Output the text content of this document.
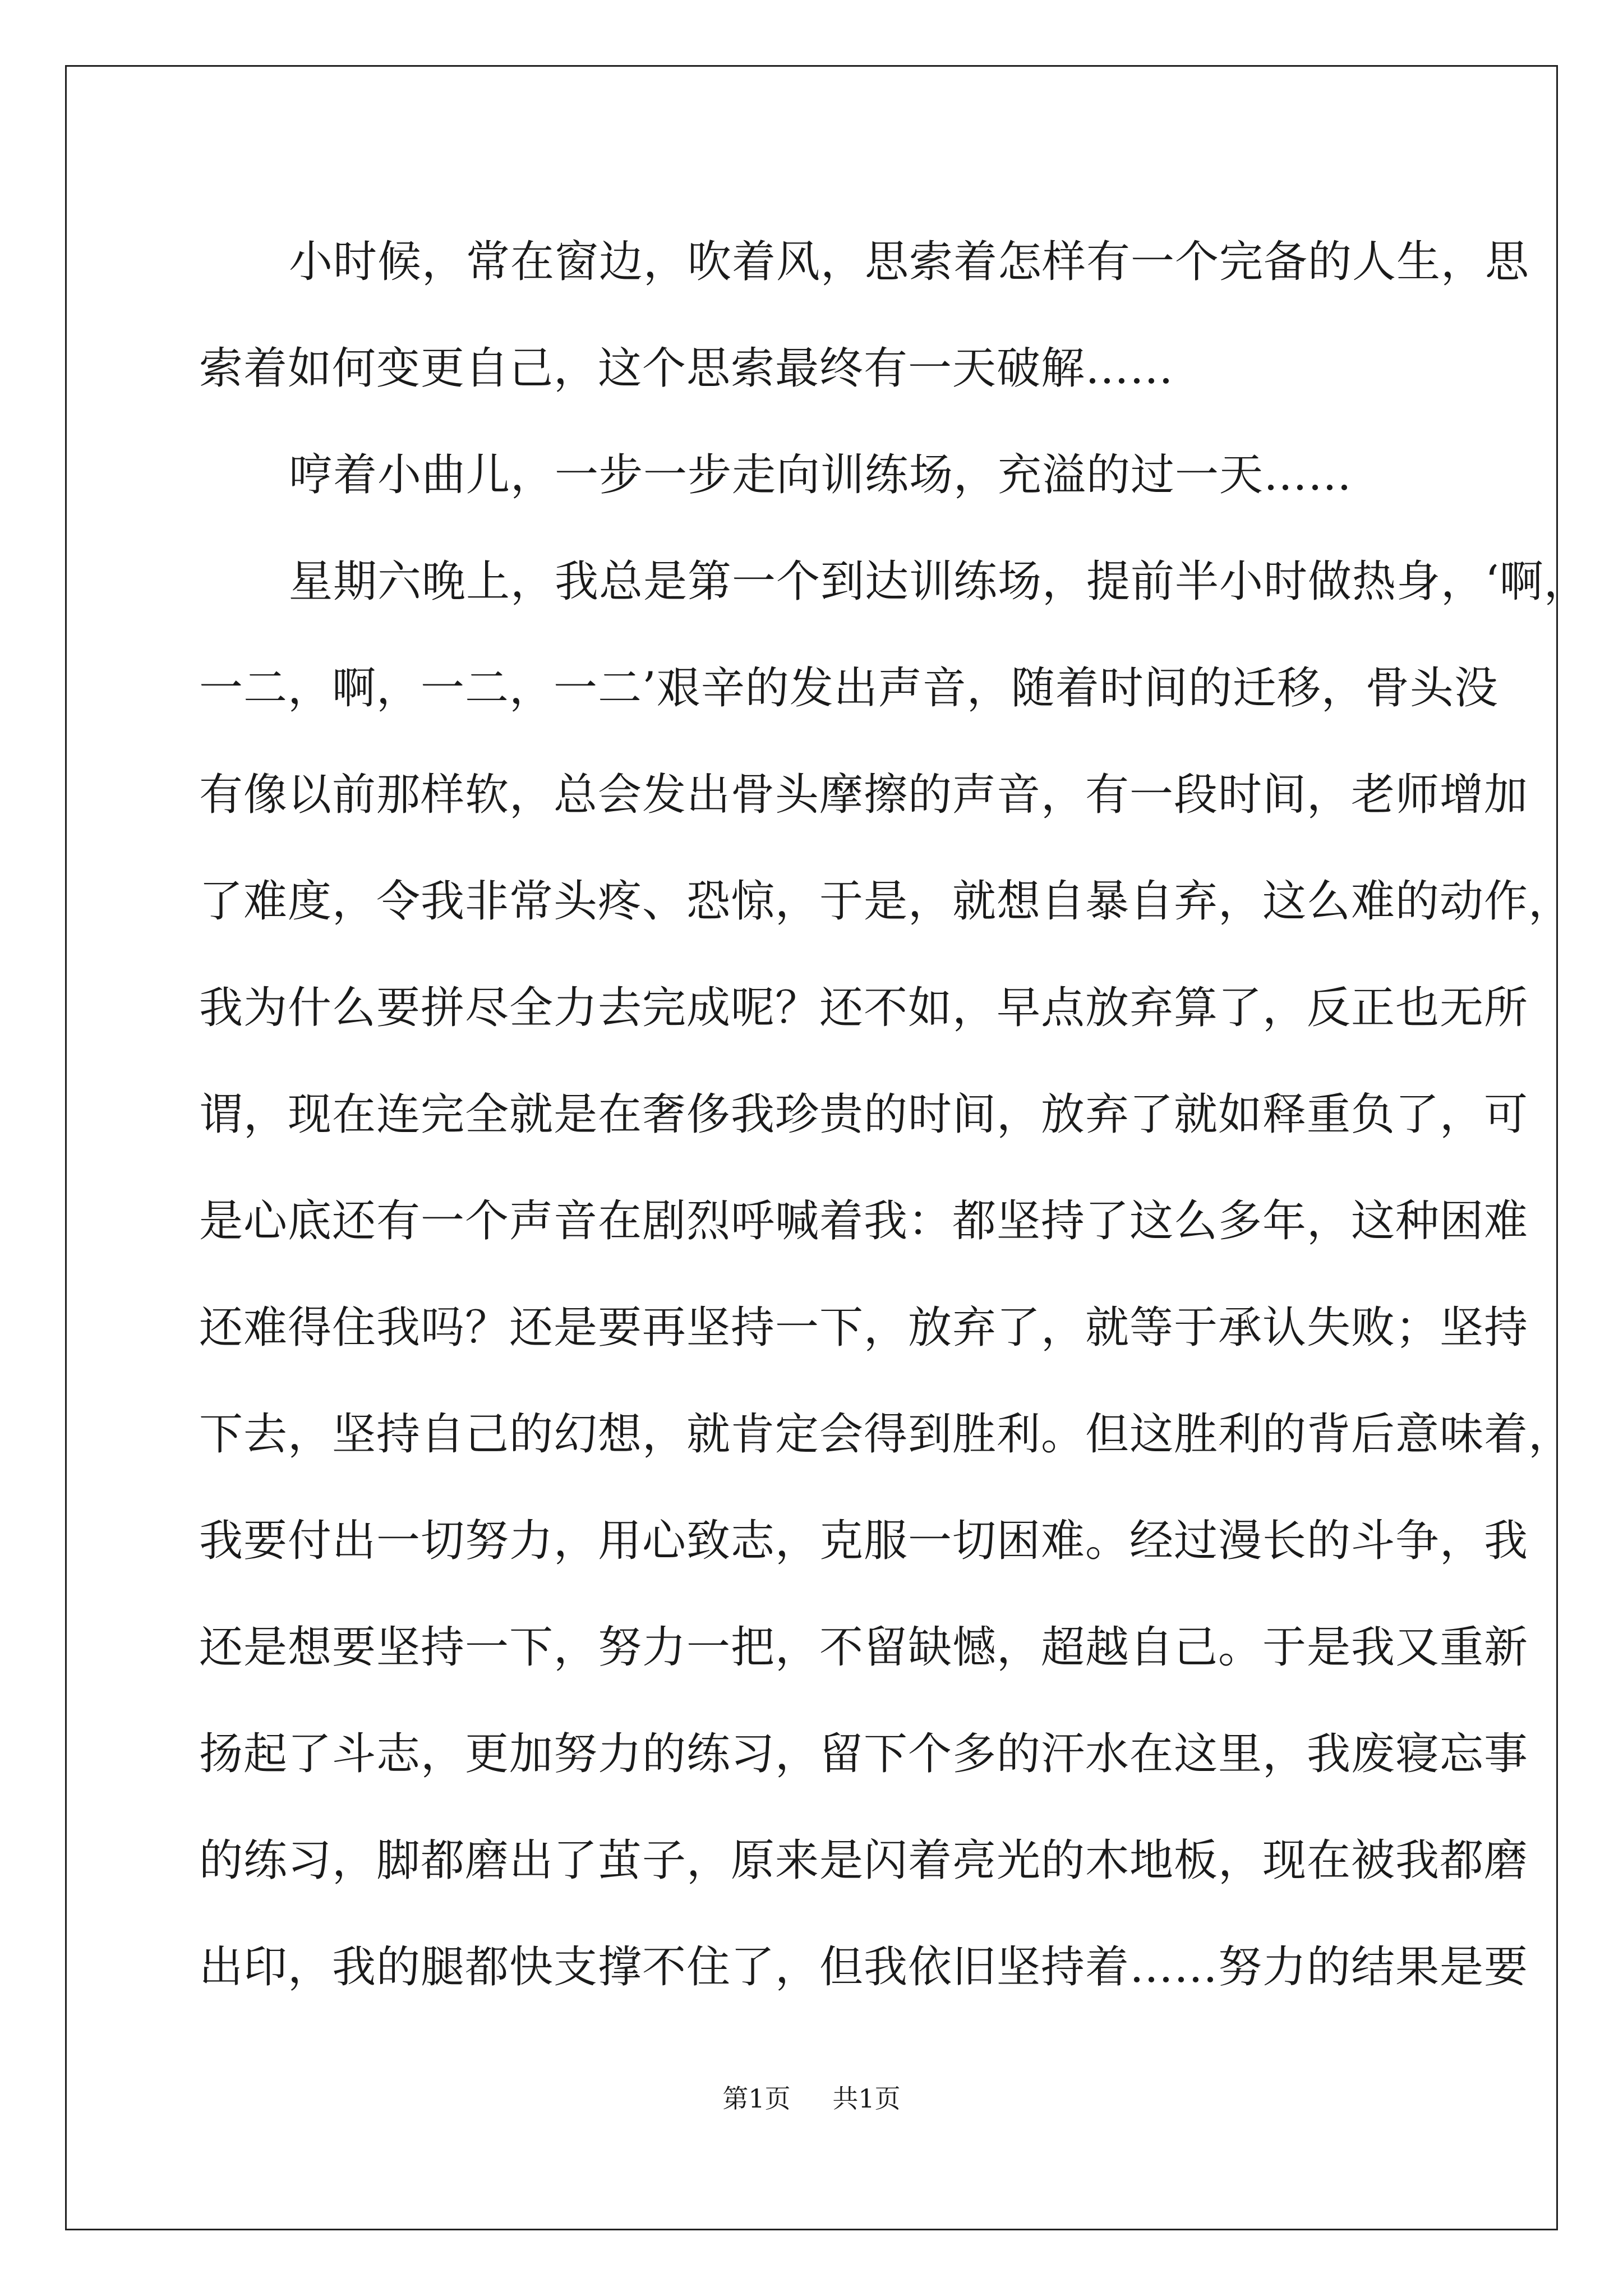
小时候，常在窗边，吹着风，思索着怎样有一个完备的人生，思
索着如何变更自己，这个思索最终有一天破解……
哼着小曲儿，一步一步走向训练场，充溢的过一天……
星期六晚上，我总是第一个到达训练场，提前半小时做热身，‘啊，
一二，啊，一二，一二’艰辛的发出声音，随着时间的迁移，骨头没
有像以前那样软，总会发出骨头摩擦的声音，有一段时间，老师增加
了难度，令我非常头疼、恐惊，于是，就想自暴自弃，这么难的动作，
我为什么要拼尽全力去完成呢？还不如，早点放弃算了，反正也无所
谓，现在连完全就是在奢侈我珍贵的时间，放弃了就如释重负了，可
是心底还有一个声音在剧烈呼喊着我：都坚持了这么多年，这种困难
还难得住我吗？还是要再坚持一下，放弃了，就等于承认失败；坚持
下去，坚持自己的幻想，就肯定会得到胜利。但这胜利的背后意味着，
我要付出一切努力，用心致志，克服一切困难。经过漫长的斗争，我
还是想要坚持一下，努力一把，不留缺憾，超越自己。于是我又重新
扬起了斗志，更加努力的练习，留下个多的汗水在这里，我废寝忘事
的练习，脚都磨出了茧子，原来是闪着亮光的木地板，现在被我都磨
出印，我的腿都快支撑不住了，但我依旧坚持着……努力的结果是要
第1页 共1页
